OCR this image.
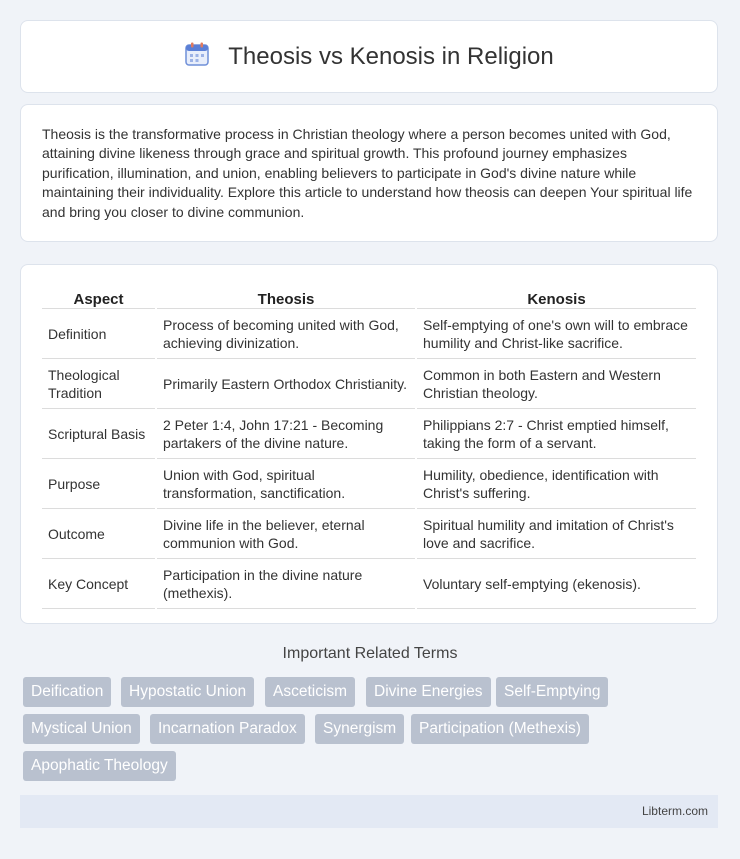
Theosis vs Kenosis in Religion

Theosis is the transformative process in Christian theology where a person becomes united with God, attaining divine likeness through grace and spiritual growth. This profound journey emphasizes purification, illumination, and union, enabling believers to participate in God's divine nature while maintaining their individuality. Explore this article to understand how theosis can deepen Your spiritual life and bring you closer to divine communion.

Aspect	Theosis	Kenosis
Definition	Process of becoming united with God, achieving divinization.	Self-emptying of one's own will to embrace humility and Christ-like sacrifice.
Theological Tradition	Primarily Eastern Orthodox Christianity.	Common in both Eastern and Western Christian theology.
Scriptural Basis	2 Peter 1:4, John 17:21 - Becoming partakers of the divine nature.	Philippians 2:7 - Christ emptied himself, taking the form of a servant.
Purpose	Union with God, spiritual transformation, sanctification.	Humility, obedience, identification with Christ's suffering.
Outcome	Divine life in the believer, eternal communion with God.	Spiritual humility and imitation of Christ's love and sacrifice.
Key Concept	Participation in the divine nature (methexis).	Voluntary self-emptying (ekenosis).
Important Related Terms
Deification	Hypostatic Union	Asceticism	Divine Energies	Self-Emptying
Mystical Union	Incarnation Paradox	Synergism	Participation (Methexis)
Apophatic Theology
Libterm.com
